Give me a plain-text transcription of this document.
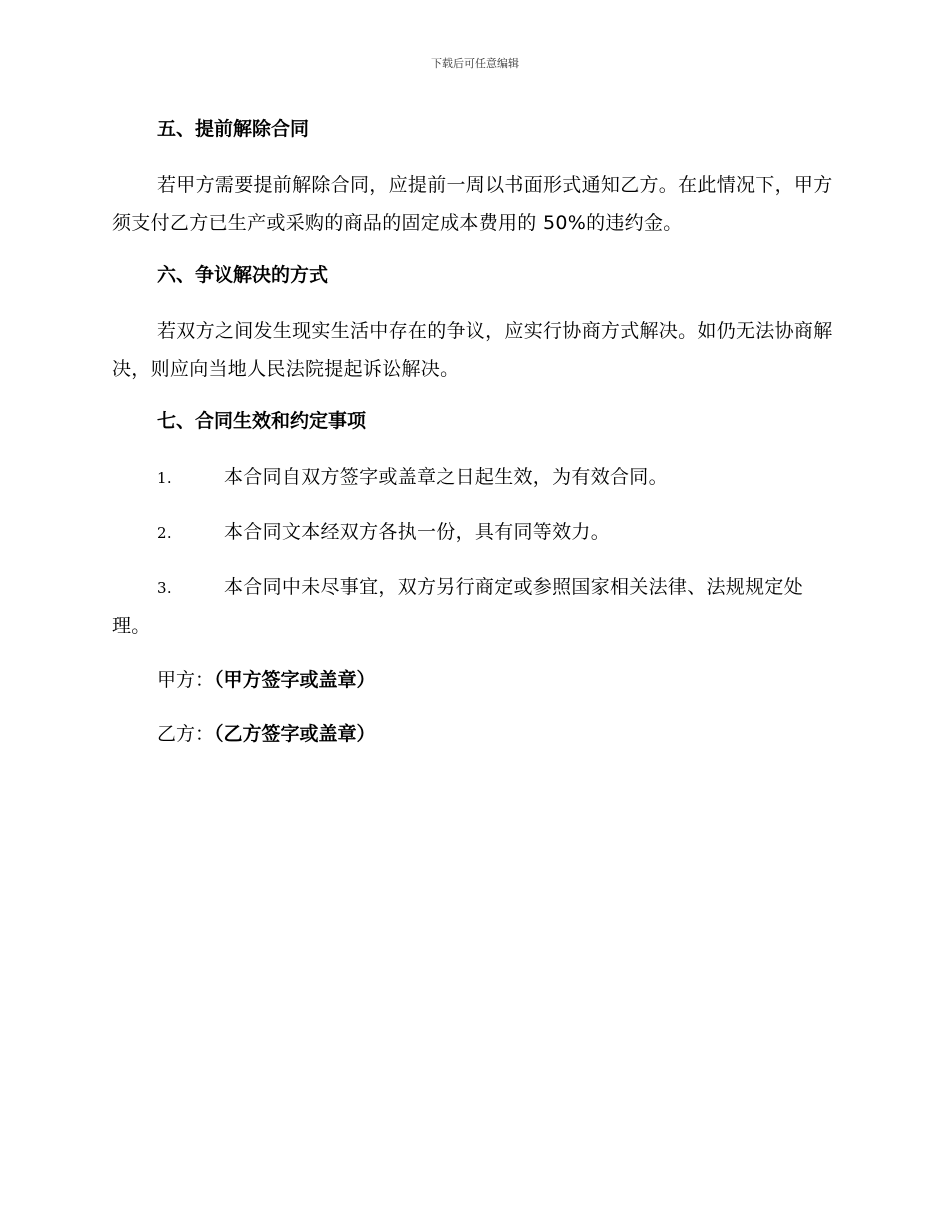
下载后可任意编辑
五、提前解除合同

若甲方需要提前解除合同，应提前一周以书面形式通知乙方。在此情况下，甲方须支付乙方已生产或采购的商品的固定成本费用的 50%的违约金。

六、争议解决的方式

若双方之间发生现实生活中存在的争议，应实行协商方式解决。如仍无法协商解决，则应向当地人民法院提起诉讼解决。

七、合同生效和约定事项

1.	本合同自双方签字或盖章之日起生效，为有效合同。

2.	本合同文本经双方各执一份，具有同等效力。

3.	本合同中未尽事宜，双方另行商定或参照国家相关法律、法规规定处理。

甲方：（甲方签字或盖章）

乙方：（乙方签字或盖章）
